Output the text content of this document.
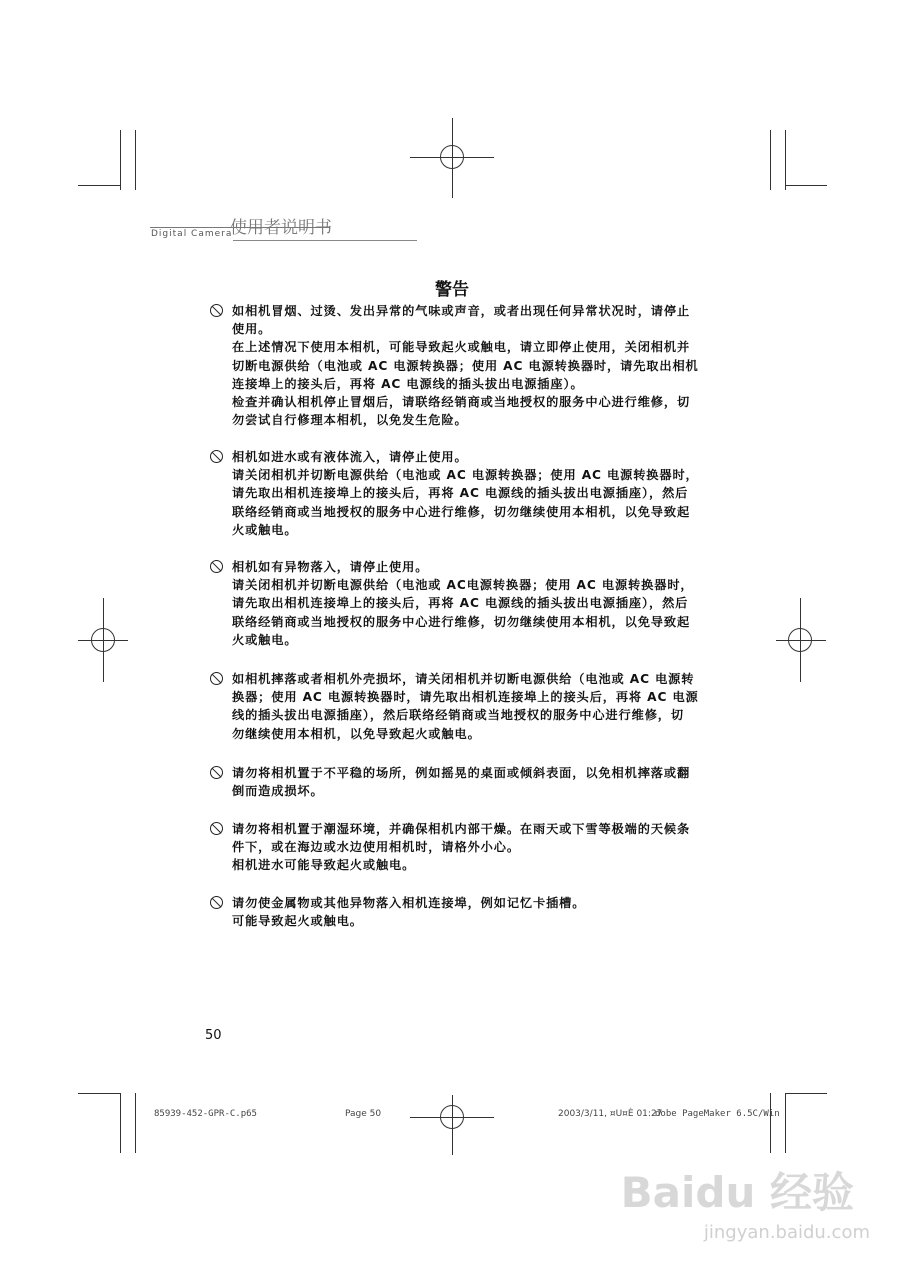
Digital Camera
使用者说明书
警告
如相机冒烟、过烫、发出异常的气味或声音，或者出现任何异常状况时，请停止
使用。
在上述情况下使用本相机，可能导致起火或触电，请立即停止使用，关闭相机并
切断电源供给（电池或 AC 电源转换器；使用 AC 电源转换器时，请先取出相机
连接埠上的接头后，再将 AC 电源线的插头拔出电源插座）。
检查并确认相机停止冒烟后，请联络经销商或当地授权的服务中心进行维修，切
勿尝试自行修理本相机，以免发生危险。
相机如进水或有液体流入，请停止使用。
请关闭相机并切断电源供给（电池或 AC 电源转换器；使用 AC 电源转换器时，
请先取出相机连接埠上的接头后，再将 AC 电源线的插头拔出电源插座），然后
联络经销商或当地授权的服务中心进行维修，切勿继续使用本相机，以免导致起
火或触电。
相机如有异物落入，请停止使用。
请关闭相机并切断电源供给（电池或 AC电源转换器；使用 AC 电源转换器时，
请先取出相机连接埠上的接头后，再将 AC 电源线的插头拔出电源插座），然后
联络经销商或当地授权的服务中心进行维修，切勿继续使用本相机，以免导致起
火或触电。
如相机摔落或者相机外壳损坏，请关闭相机并切断电源供给（电池或 AC 电源转
换器；使用 AC 电源转换器时，请先取出相机连接埠上的接头后，再将 AC 电源
线的插头拔出电源插座），然后联络经销商或当地授权的服务中心进行维修，切
勿继续使用本相机，以免导致起火或触电。
请勿将相机置于不平稳的场所，例如摇晃的桌面或倾斜表面，以免相机摔落或翻
倒而造成损坏。
请勿将相机置于潮湿环境，并确保相机内部干燥。在雨天或下雪等极端的天候条
件下，或在海边或水边使用相机时，请格外小心。
相机进水可能导致起火或触电。
请勿使金属物或其他异物落入相机连接埠，例如记忆卡插槽。
可能导致起火或触电。
50
85939-452-GPR-C.p65	Page 50	2003/3/11, ¤U¤È 01:27
dobe PageMaker 6.5C/Win
Baidu 经验
jingyan.baidu.com
